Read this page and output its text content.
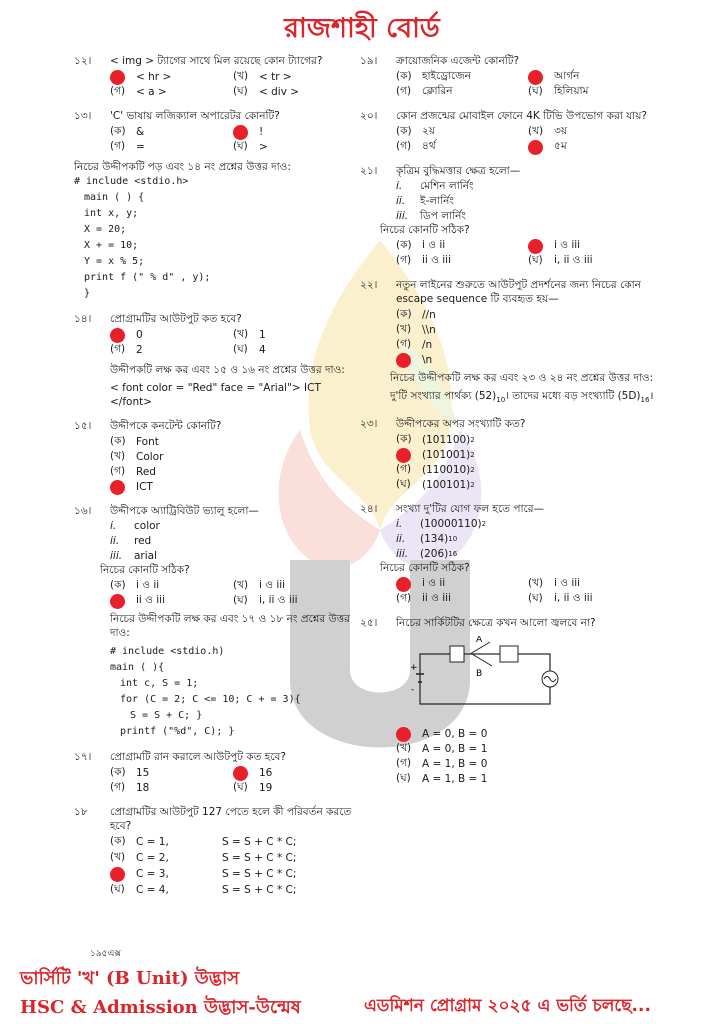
রাজশাহী বোর্ড
১২।	< img > ট্যাগের সাথে মিল রয়েছে কোন ট্যাগের?
< hr >	(খ)	< tr >
(গ)	< a >	(ঘ)	< div >
১৩।	'C' ভাষায় লজিক্যাল অপারেটর কোনটি?
(ক) &	!
(গ)	=	(ঘ)	>
নিচের উদ্দীপকটি পড় এবং ১৪ নং প্রশ্নের উত্তর দাও:
# include <stdio.h>
main ( ) {
int x, y;
X = 20;
X + = 10;
Y = x % 5;
print f (" % d" , y);
}
১৪।	প্রোগ্রামটির আউটপুট কত হবে?
0	(খ)	1
(গ)	2	(ঘ)	4
উদ্দীপকটি লক্ষ কর এবং ১৫ ও ১৬ নং প্রশ্নের উত্তর দাও:
< font color = "Red" face = "Arial"> ICT </font>
১৫।	উদ্দীপকে কনটেন্ট কোনটি?
(ক) Font
(খ)	Color
(গ)	Red
ICT
১৬।	উদ্দীপকে অ্যাট্রিবিউট ভ্যালু হলো—
i.	color
ii.	red
iii.	arial
নিচের কোনটি সঠিক?
(ক) i ও ii	(খ)	i ও iii
ii ও iii	(ঘ)	i, ii ও iii
নিচের উদ্দীপকটি লক্ষ কর এবং ১৭ ও ১৮ নং প্রশ্নের উত্তর দাও:
# include <stdio.h)
main ( ){
int c, S = 1;
for (C = 2; C <= 10; C + = 3){
S = S + C; }
printf ("%d", C); }
১৭।	প্রোগ্রামটি রান করালে আউটপুট কত হবে?
(ক) 15	16
(গ)	18	(ঘ)	19
১৮	প্রোগ্রামটির আউটপুট 127 পেতে হলে কী পরিবর্তন করতে হবে?
(ক) C = 1,	S = S + C * C;
(খ)	C = 2,	S = S + C * C;
C = 3,	S = S + C * C;
(ঘ)	C = 4,	S = S + C * C;
১৯।	ক্রায়োজনিক এজেন্ট কোনটি?
(ক) হাইড্রোজেন	আর্গন
(গ)	ক্লোরিন	(ঘ)	হিলিয়াম
২০।	কোন প্রজন্মের মোবাইল ফোনে 4K টিভি উপভোগ করা যায়?
(ক) ২য়	(খ)	৩য়
(গ)	৪র্থ	৫ম
২১।	কৃত্রিম বুদ্ধিমত্তার ক্ষেত্র হলো—
i.	মেশিন লার্নিং
ii.	ই-লার্নিং
iii.	ডিপ লার্নিং
নিচের কোনটি সঠিক?
(ক) i ও ii	i ও iii
(গ)	ii ও iii	(ঘ)	i, ii ও iii
২২।	নতুন লাইনের শুরুতে আউটপুট প্রদর্শনের জন্য নিচের কোন escape sequence টি ব্যবহৃত হয়—
(ক) //n
(খ)	\\n
(গ)	/n
\n
নিচের উদ্দীপকটি লক্ষ কর এবং ২৩ ও ২৪ নং প্রশ্নের উত্তর দাও:
দু'টি সংখ্যার পার্থক্য $(52)_{10}।$ তাদের মধ্যে বড় সংখ্যাটি $(5D)_{16}।$
২৩।	উদ্দীপকের অপর সংখ্যাটি কত?
(ক) (101100) 2
(101001) 2
(গ)	(110010) 2
(ঘ)	(100101) 2
২৪।	সংখ্যা দু'টির যোগ ফল হতে পারে—
i.	(10000110) 2
ii.	(134) 10
iii.	(206) 16
নিচের কোনটি সঠিক?
i ও ii	(খ)	i ও iii
(গ)	ii ও iii	(ঘ)	i, ii ও iii
২৫।	নিচের সার্কিটটির ক্ষেত্রে কখন আলো জ্বলবে না?
A
B
+
-
A = 0, B = 0
(খ)	A = 0, B = 1
(গ)	A = 1, B = 0
(ঘ)	A = 1, B = 1
১৯৫এক্স
ভার্সিটি 'খ' (B Unit) উদ্ভাস
HSC & Admission উদ্ভাস-উন্মেষ	এডমিশন প্রোগ্রাম ২০২৫ এ ভর্তি চলছে...
